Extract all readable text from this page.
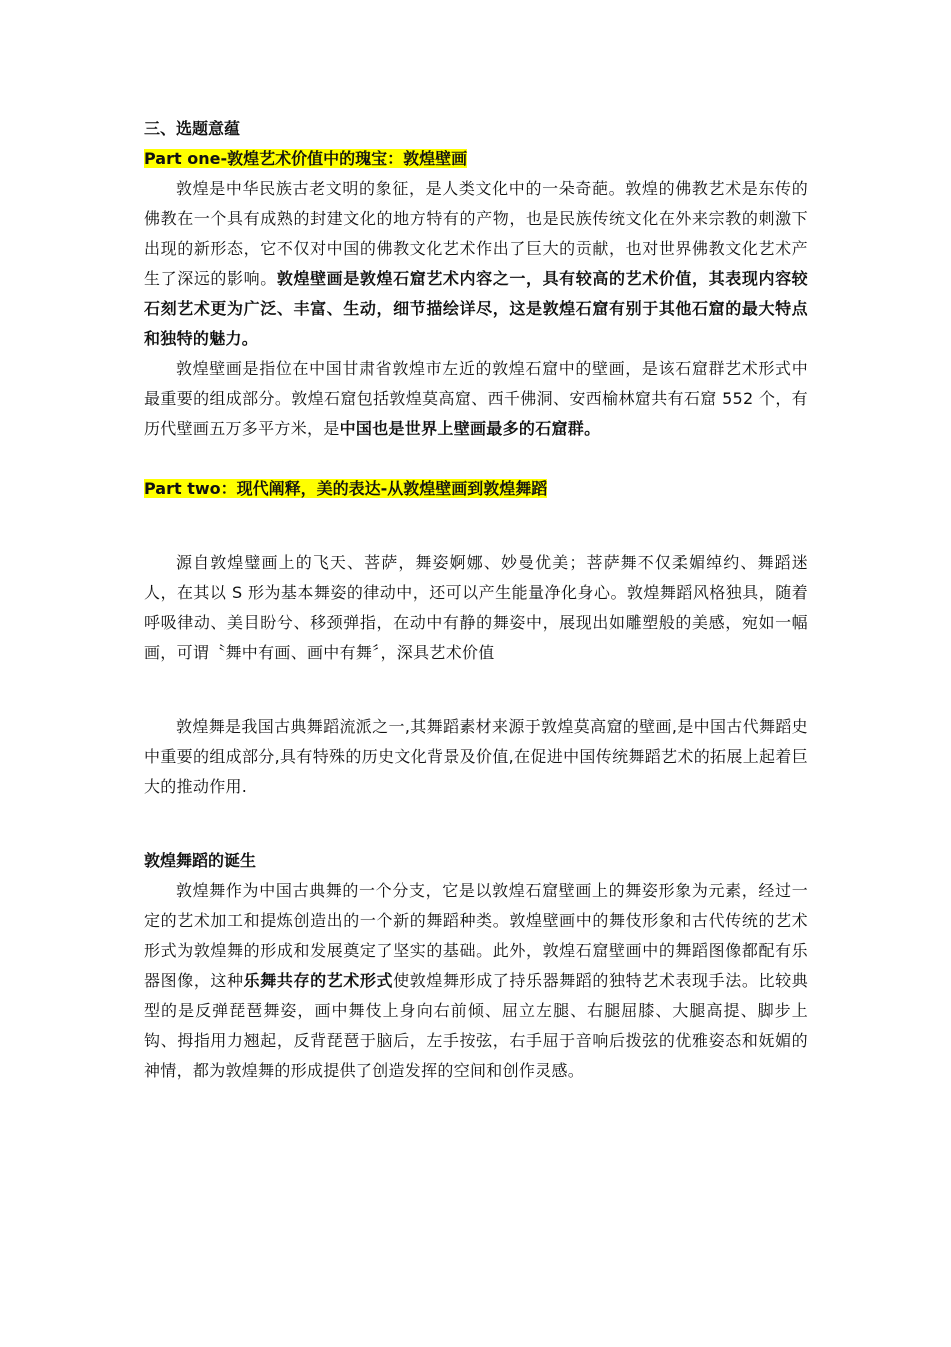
三、选题意蕴

Part one-敦煌艺术价值中的瑰宝：敦煌壁画

敦煌是中华民族古老文明的象征，是人类文化中的一朵奇葩。敦煌的佛教艺术是东传的佛教在一个具有成熟的封建文化的地方特有的产物，也是民族传统文化在外来宗教的刺激下出现的新形态，它不仅对中国的佛教文化艺术作出了巨大的贡献，也对世界佛教文化艺术产生了深远的影响。敦煌壁画是敦煌石窟艺术内容之一，具有较高的艺术价值，其表现内容较石刻艺术更为广泛、丰富、生动，细节描绘详尽，这是敦煌石窟有别于其他石窟的最大特点和独特的魅力。

敦煌壁画是指位在中国甘肃省敦煌市左近的敦煌石窟中的壁画，是该石窟群艺术形式中最重要的组成部分。敦煌石窟包括敦煌莫高窟、西千佛洞、安西榆林窟共有石窟 552 个，有历代壁画五万多平方米，是中国也是世界上壁画最多的石窟群。

Part two：现代阐释，美的表达-从敦煌壁画到敦煌舞蹈

源自敦煌璧画上的飞天、菩萨，舞姿婀娜、妙曼优美；菩萨舞不仅柔媚绰约、舞蹈迷人，在其以 S 形为基本舞姿的律动中，还可以产生能量净化身心。敦煌舞蹈风格独具，随着呼吸律动、美目盼兮、移颈弹指，在动中有静的舞姿中，展现出如雕塑般的美感，宛如一幅画，可谓〝舞中有画、画中有舞〞，深具艺术价值

敦煌舞是我国古典舞蹈流派之一,其舞蹈素材来源于敦煌莫高窟的壁画,是中国古代舞蹈史中重要的组成部分,具有特殊的历史文化背景及价值,在促进中国传统舞蹈艺术的拓展上起着巨大的推动作用.

敦煌舞蹈的诞生

敦煌舞作为中国古典舞的一个分支，它是以敦煌石窟壁画上的舞姿形象为元素，经过一定的艺术加工和提炼创造出的一个新的舞蹈种类。敦煌壁画中的舞伎形象和古代传统的艺术形式为敦煌舞的形成和发展奠定了坚实的基础。此外，敦煌石窟壁画中的舞蹈图像都配有乐器图像，这种乐舞共存的艺术形式使敦煌舞形成了持乐器舞蹈的独特艺术表现手法。比较典型的是反弹琵琶舞姿，画中舞伎上身向右前倾、屈立左腿、右腿屈膝、大腿高提、脚步上钩、拇指用力翘起，反背琵琶于脑后，左手按弦，右手屈于音响后拨弦的优雅姿态和妩媚的神情，都为敦煌舞的形成提供了创造发挥的空间和创作灵感。
